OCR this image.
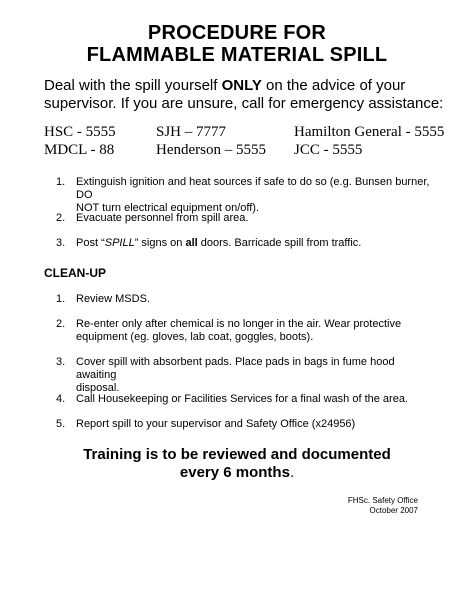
PROCEDURE FOR
FLAMMABLE MATERIAL SPILL
Deal with the spill yourself ONLY on the advice of your
supervisor. If you are unsure, call for emergency assistance:
HSC - 5555	SJH – 7777	Hamilton General - 5555
MDCL - 88	Henderson – 5555 JCC - 5555
1. Extinguish ignition and heat sources if safe to do so (e.g. Bunsen burner, DO
NOT turn electrical equipment on/off).
2. Evacuate personnel from spill area.
3. Post “SPILL” signs on all doors. Barricade spill from traffic.
CLEAN-UP
1. Review MSDS.
2. Re-enter only after chemical is no longer in the air. Wear protective
equipment (eg. gloves, lab coat, goggles, boots).
3. Cover spill with absorbent pads. Place pads in bags in fume hood awaiting
disposal.
4. Call Housekeeping or Facilities Services for a final wash of the area.
5. Report spill to your supervisor and Safety Office (x24956)
Training is to be reviewed and documented
every 6 months.
FHSc. Safety Office
October 2007
